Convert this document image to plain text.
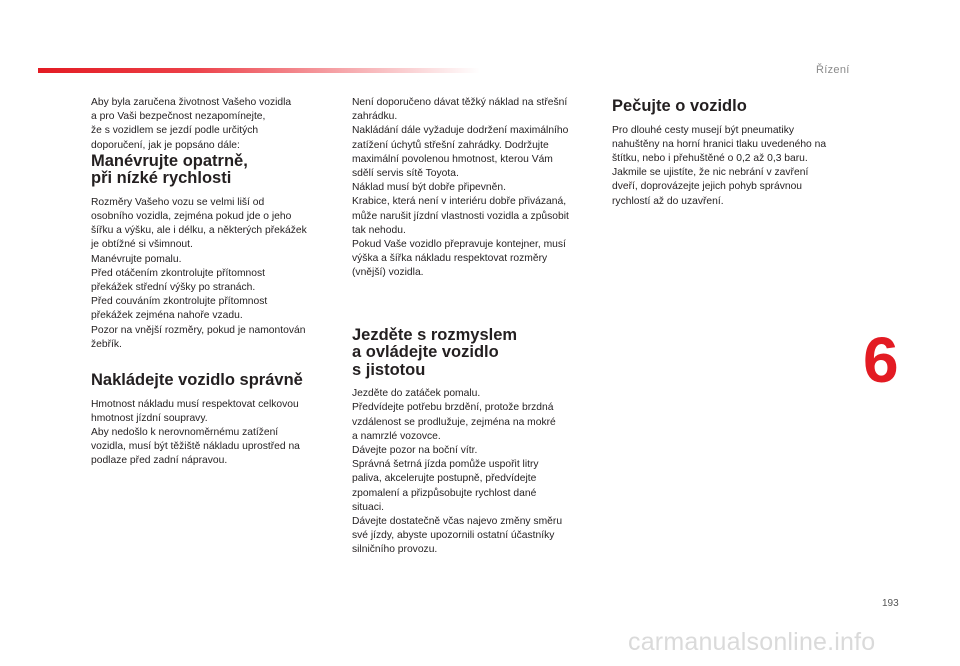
Řízení

Aby byla zaručena životnost Vašeho vozidla

a pro Vaši bezpečnost nezapomínejte,

že s vozidlem se jezdí podle určitých

doporučení, jak je popsáno dále:

Manévrujte opatrně,
při nízké rychlosti

Rozměry Vašeho vozu se velmi liší od

osobního vozidla, zejména pokud jde o jeho

šířku a výšku, ale i délku, a některých překážek

je obtížné si všimnout.

Manévrujte pomalu.

Před otáčením zkontrolujte přítomnost

překážek střední výšky po stranách.

Před couváním zkontrolujte přítomnost

překážek zejména nahoře vzadu.

Pozor na vnější rozměry, pokud je namontován

žebřík.

Nakládejte vozidlo správně

Hmotnost nákladu musí respektovat celkovou

hmotnost jízdní soupravy.

Aby nedošlo k nerovnoměrnému zatížení

vozidla, musí být těžiště nákladu uprostřed na

podlaze před zadní nápravou.

Není doporučeno dávat těžký náklad na střešní

zahrádku.

Nakládání dále vyžaduje dodržení maximálního

zatížení úchytů střešní zahrádky. Dodržujte

maximální povolenou hmotnost, kterou Vám

sdělí servis sítě Toyota.

Náklad musí být dobře připevněn.

Krabice, která není v interiéru dobře přivázaná,

může narušit jízdní vlastnosti vozidla a způsobit

tak nehodu.

Pokud Vaše vozidlo přepravuje kontejner, musí

výška a šířka nákladu respektovat rozměry

(vnější) vozidla.

Jezděte s rozmyslem
a ovládejte vozidlo
s jistotou

Jezděte do zatáček pomalu.

Předvídejte potřebu brzdění, protože brzdná

vzdálenost se prodlužuje, zejména na mokré

a namrzlé vozovce.

Dávejte pozor na boční vítr.

Správná šetrná jízda pomůže uspořit litry

paliva, akcelerujte postupně, předvídejte

zpomalení a přizpůsobujte rychlost dané

situaci.

Dávejte dostatečně včas najevo změny směru

své jízdy, abyste upozornili ostatní účastníky

silničního provozu.

Pečujte o vozidlo

Pro dlouhé cesty musejí být pneumatiky

nahuštěny na horní hranici tlaku uvedeného na

štítku, nebo i přehuštěné o 0,2 až 0,3 baru.

Jakmile se ujistíte, že nic nebrání v zavření

dveří, doprovázejte jejich pohyb správnou

rychlostí až do uzavření.

6
193
carmanualsonline.info
